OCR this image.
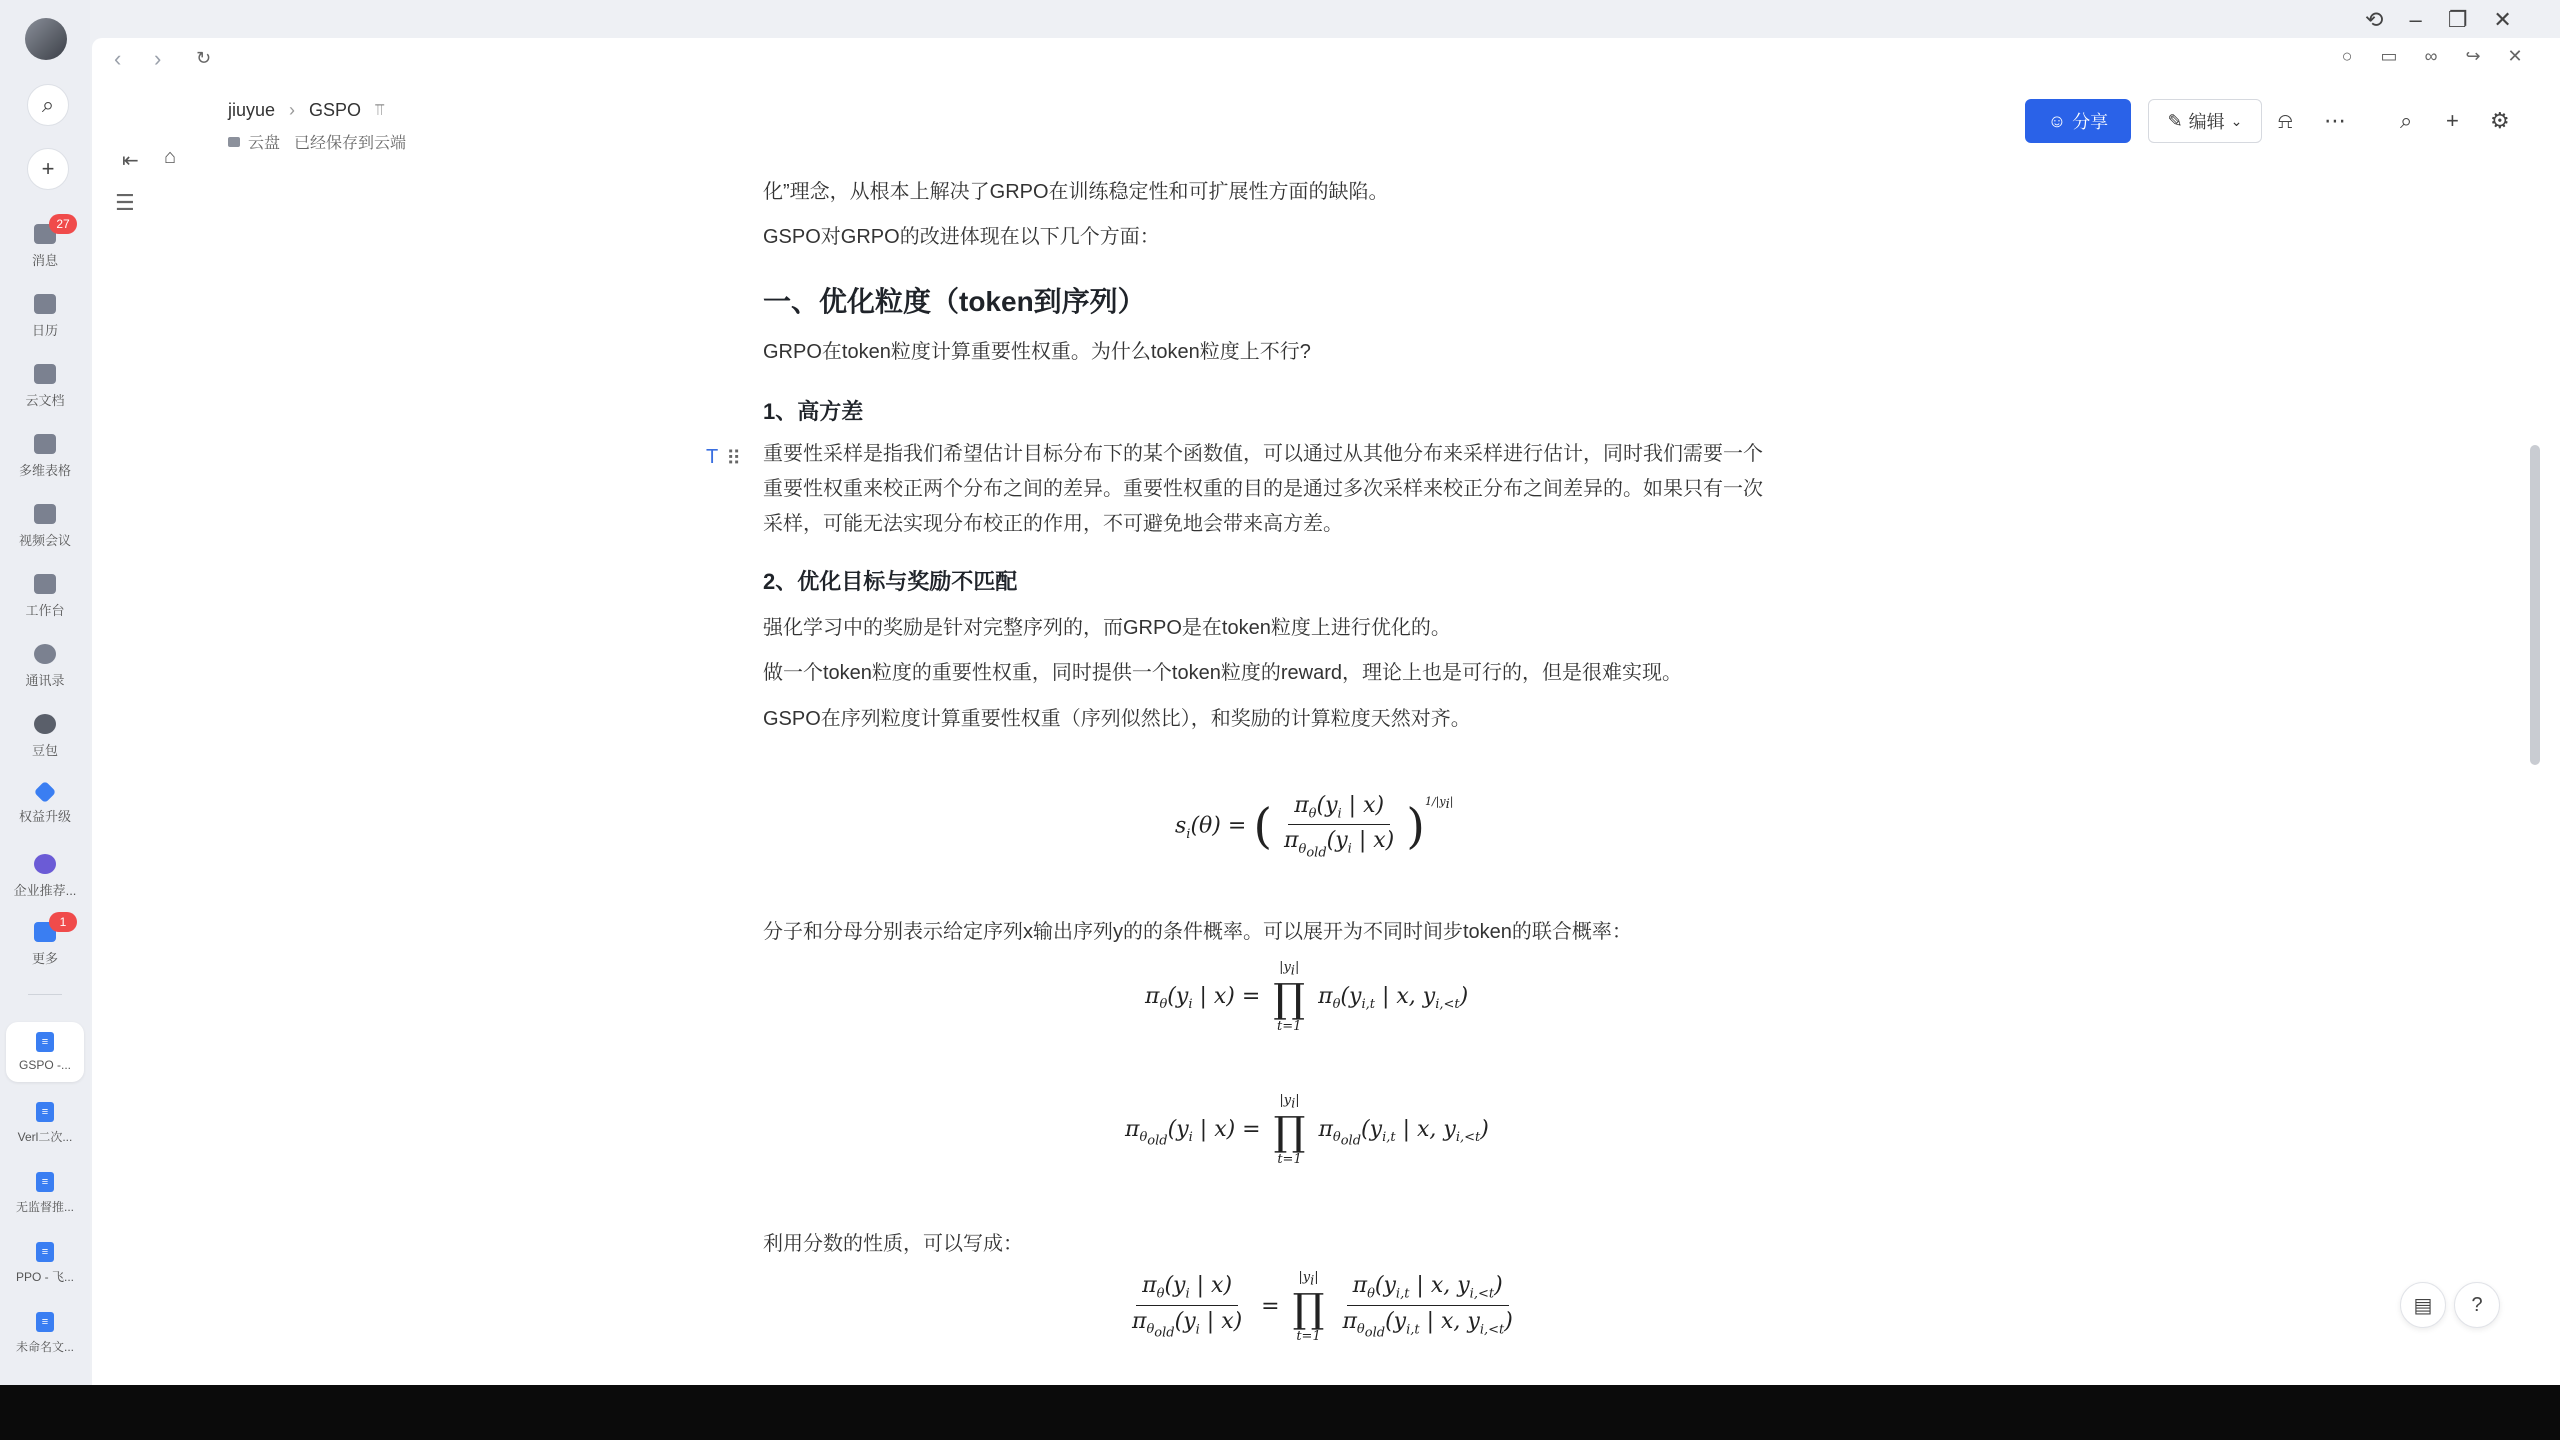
⌕
+
27
消息
日历
云文档
多维表格
视频会议
工作台
通讯录
豆包
权益升级
企业推荐...
1
更多
≡
GSPO -...
≡
Verl二次...
≡
无监督推...
≡
PPO - 飞...
≡
未命名文...
⟲ – ❐ ✕
‹ › ↻	○	▭	∞	↪ ✕
⇤ ⌂
jiuyue › GSPO ⫪
云盘 已经保存到云端
☺ 分享	✎ 编辑 ⌄ ⍾ ⋯ ⌕ + ⚙
☰	化”理念，从根本上解决了GRPO在训练稳定性和可扩展性方面的缺陷。

GSPO对GRPO的改进体现在以下几个方面：

一、优化粒度（token到序列）

GRPO在token粒度计算重要性权重。为什么token粒度上不行?

1、高方差

重要性采样是指我们希望估计目标分布下的某个函数值，可以通过从其他分布来采样进行估计，同时我们需要一个

重要性权重来校正两个分布之间的差异。重要性权重的目的是通过多次采样来校正分布之间差异的。如果只有一次

采样，可能无法实现分布校正的作用，不可避免地会带来高方差。

2、优化目标与奖励不匹配

强化学习中的奖励是针对完整序列的，而GRPO是在token粒度上进行优化的。

做一个token粒度的重要性权重，同时提供一个token粒度的reward，理论上也是可行的，但是很难实现。

GSPO在序列粒度计算重要性权重（序列似然比），和奖励的计算粒度天然对齐。

分子和分母分别表示给定序列x输出序列y的的条件概率。可以展开为不同时间步token的联合概率：

利用分数的性质，可以写成：

T ⠿
$s_i(\theta)$ = ( $\frac{\pi_\theta(y_i | x)}{\pi_{\theta_{old}}(y_i | x)} )^{1/|y_i|}$
$\pi_\theta(y_i$ | x) =
$|y_i|$
∏
t=1
$\pi_\theta(y_{i,t}$ | x, $y_{i,<t}$)
$\pi_{\theta_{old}}(y_i$ | x) =
$|y_i|$
∏
t=1
$\pi_{\theta_{old}}(y_{i,t}$ | x, $y_{i,<t}$)
$\frac{\pi_\theta(y_i | x)}{\pi_{\theta_{old}}(y_i | x)}$ =
$|y_i|$
∏
$t=1 \frac{\pi_\theta(y_{i,t} | x, y_{i,<t})}{\pi_{\theta_{old}}(y_{i,t} | x, y_{i,<t})}$	▤ ?
